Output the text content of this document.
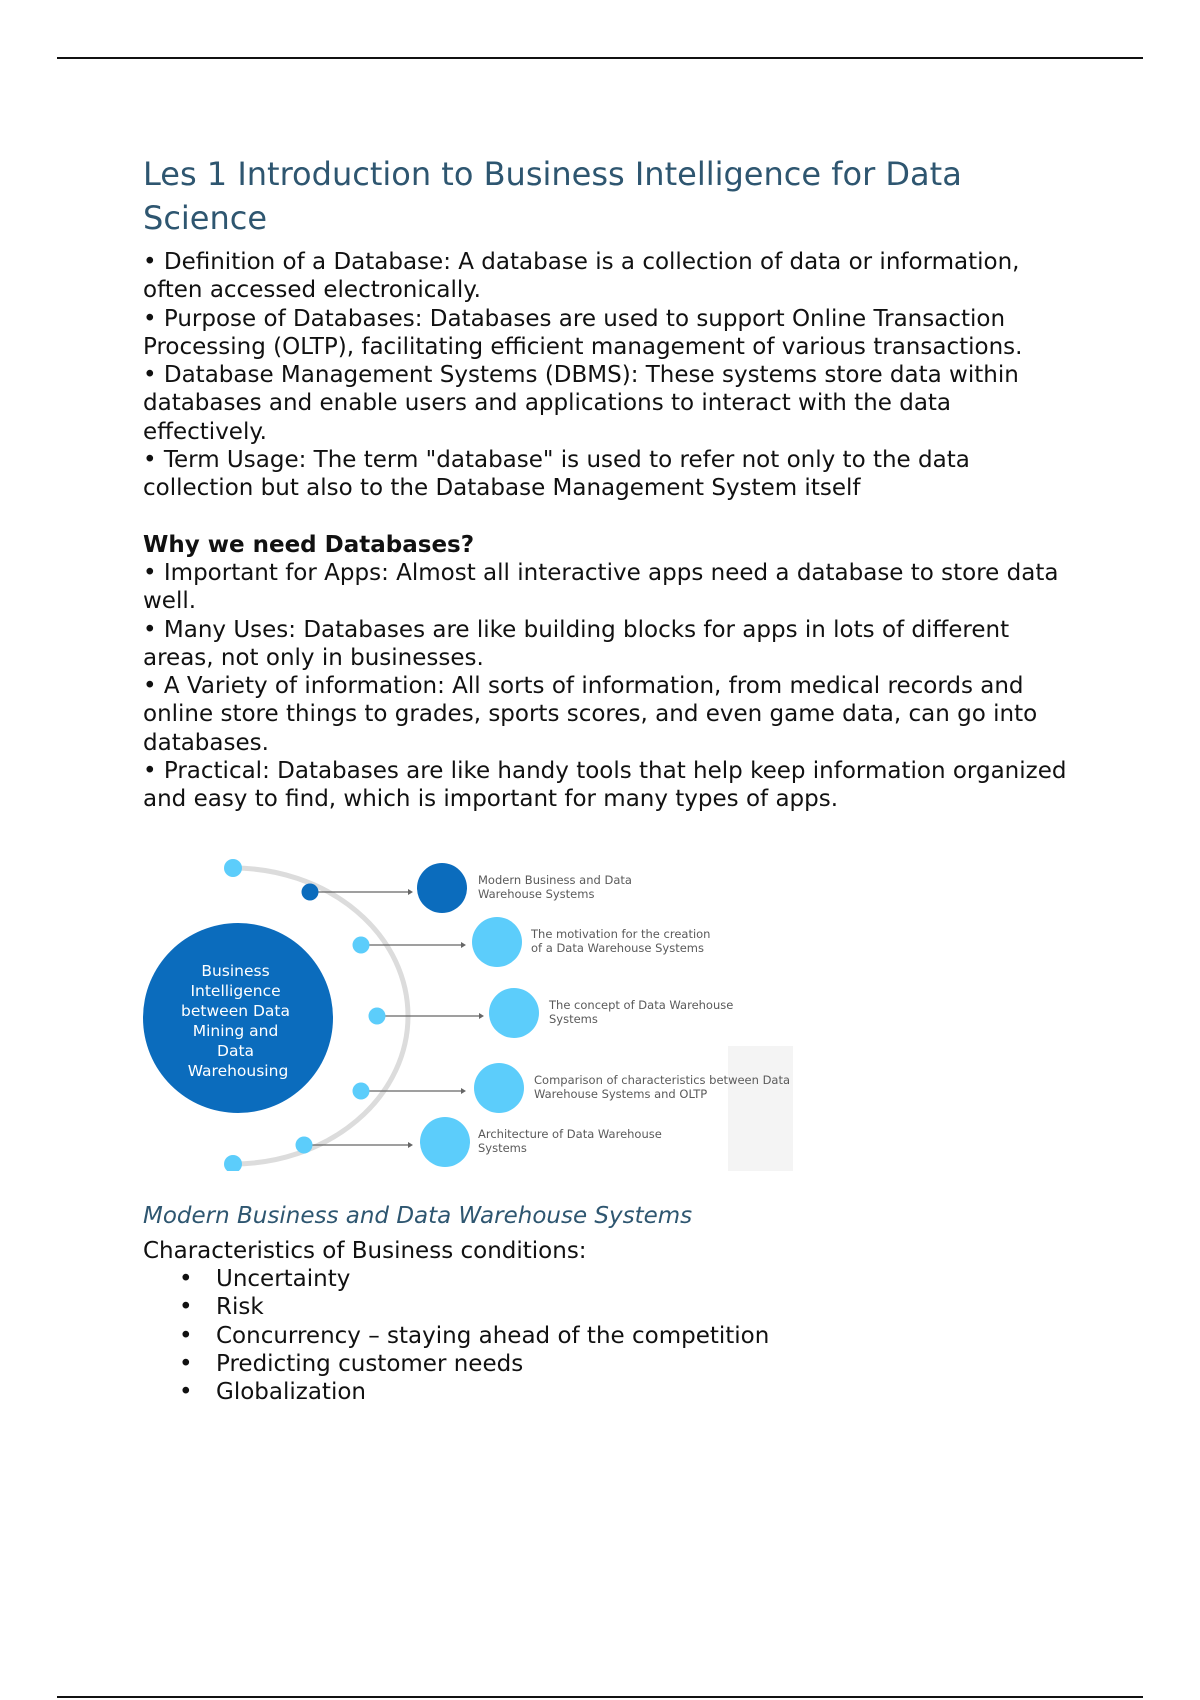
Les 1 Introduction to Business Intelligence for Data Science

• Definition of a Database: A database is a collection of data or information, often accessed electronically.

• Purpose of Databases: Databases are used to support Online Transaction Processing (OLTP), facilitating efficient management of various transactions.

• Database Management Systems (DBMS): These systems store data within databases and enable users and applications to interact with the data effectively.

• Term Usage: The term "database" is used to refer not only to the data collection but also to the Database Management System itself

Why we need Databases?

• Important for Apps: Almost all interactive apps need a database to store data well.

• Many Uses: Databases are like building blocks for apps in lots of different areas, not only in businesses.

• A Variety of information: All sorts of information, from medical records and online store things to grades, sports scores, and even game data, can go into databases.

• Practical: Databases are like handy tools that help keep information organized and easy to find, which is important for many types of apps.

Business Intelligence between Data Mining and Data Warehousing
Modern Business and Data Warehouse Systems
The motivation for the creation of a Data Warehouse Systems
The concept of Data Warehouse Systems
Comparison of characteristics between Data Warehouse Systems and OLTP
Architecture of Data Warehouse Systems
Modern Business and Data Warehouse Systems
Characteristics of Business conditions:
• Uncertainty
• Risk
• Concurrency – staying ahead of the competition
• Predicting customer needs
• Globalization
